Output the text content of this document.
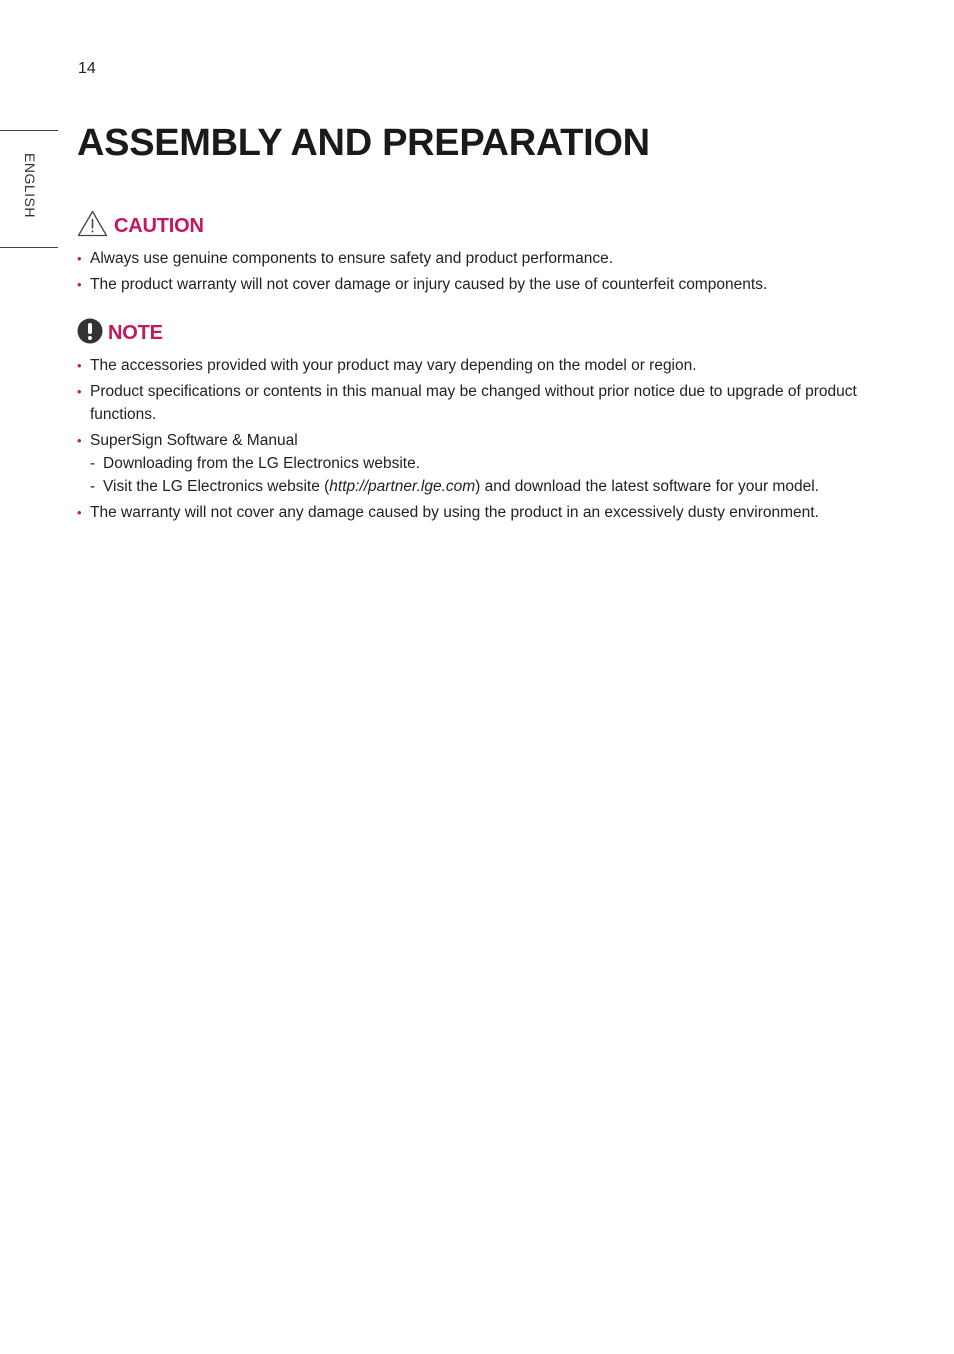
14
ENGLISH
ASSEMBLY AND PREPARATION
CAUTION
• Always use genuine components to ensure safety and product performance.
• The product warranty will not cover damage or injury caused by the use of counterfeit components.
NOTE
• The accessories provided with your product may vary depending on the model or region.
• Product specifications or contents in this manual may be changed without prior notice due to upgrade of product functions.
• SuperSign Software & Manual
- Downloading from the LG Electronics website.
- Visit the LG Electronics website (http://partner.lge.com) and download the latest software for your model.
• The warranty will not cover any damage caused by using the product in an excessively dusty environment.
